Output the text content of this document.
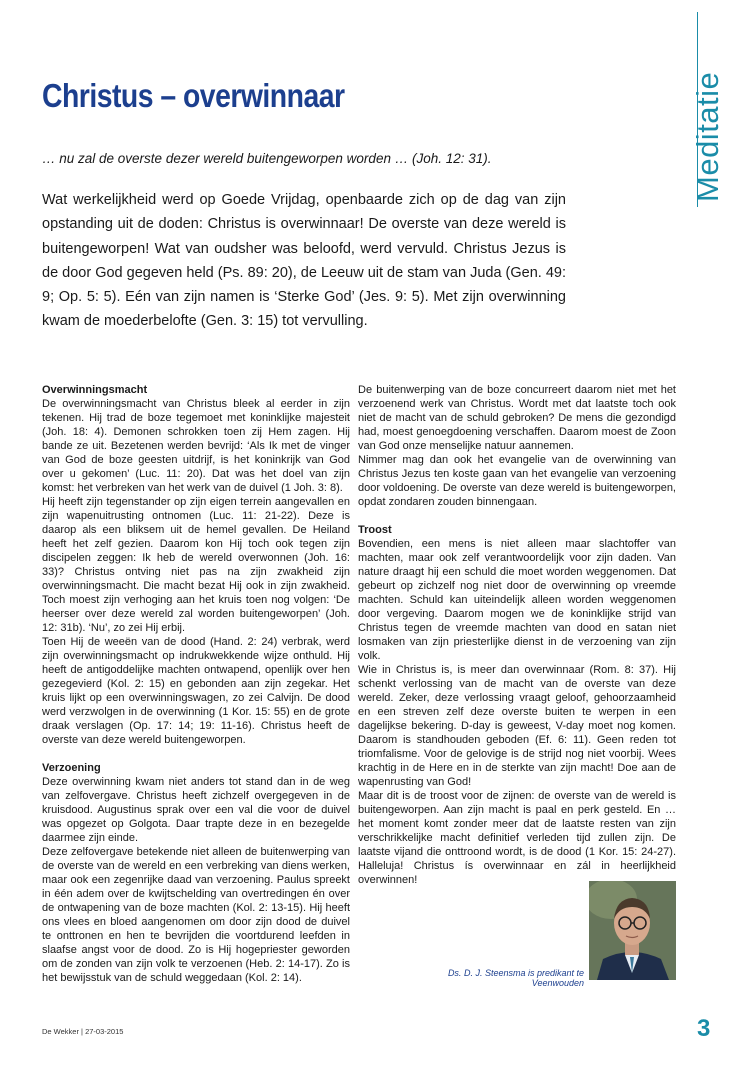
Meditatie
Christus – overwinnaar
… nu zal de overste dezer wereld buitengeworpen worden … (Joh. 12: 31).

Wat werkelijkheid werd op Goede Vrijdag, openbaarde zich op de dag van zijn opstanding uit de doden: Christus is overwinnaar! De overste van deze wereld is buitengeworpen! Wat van oudsher was beloofd, werd vervuld. Christus Jezus is de door God gegeven held (Ps. 89: 20), de Leeuw uit de stam van Juda (Gen. 49: 9; Op. 5: 5). Eén van zijn namen is ‘Sterke God’ (Jes. 9: 5). Met zijn overwinning kwam de moederbelofte (Gen. 3: 15) tot vervulling.

Overwinningsmacht

De overwinningsmacht van Christus bleek al eerder in zijn tekenen. Hij trad de boze tegemoet met koninklijke majesteit (Joh. 18: 4). Demonen schrokken toen zij Hem zagen. Hij bande ze uit. Bezetenen werden bevrijd: ‘Als Ik met de vinger van God de boze geesten uitdrijf, is het koninkrijk van God over u gekomen’ (Luc. 11: 20). Dat was het doel van zijn komst: het verbreken van het werk van de duivel (1 Joh. 3: 8).

Hij heeft zijn tegenstander op zijn eigen terrein aangevallen en zijn wapenuitrusting ontnomen (Luc. 11: 21-22). Deze is daarop als een bliksem uit de hemel gevallen. De Heiland heeft het zelf gezien. Daarom kon Hij toch ook tegen zijn discipelen zeggen: Ik heb de wereld overwonnen (Joh. 16: 33)? Christus ontving niet pas na zijn zwakheid zijn overwinningsmacht. Die macht bezat Hij ook in zijn zwakheid. Toch moest zijn verhoging aan het kruis toen nog volgen: ‘De heerser over deze wereld zal worden buitengeworpen’ (Joh. 12: 31b). ‘Nu’, zo zei Hij erbij.

Toen Hij de weeën van de dood (Hand. 2: 24) verbrak, werd zijn overwinningsmacht op indrukwekkende wijze onthuld. Hij heeft de antigoddelijke machten ontwapend, openlijk over hen gezegevierd (Kol. 2: 15) en gebonden aan zijn zegekar. Het kruis lijkt op een overwinningswagen, zo zei Calvijn. De dood werd verzwolgen in de overwinning (1 Kor. 15: 55) en de grote draak verslagen (Op. 17: 14; 19: 11-16). Christus heeft de overste van deze wereld buitengeworpen.

Verzoening

Deze overwinning kwam niet anders tot stand dan in de weg van zelfovergave. Christus heeft zichzelf overgegeven in de kruisdood. Augustinus sprak over een val die voor de duivel was opgezet op Golgota. Daar trapte deze in en bezegelde daarmee zijn einde.

Deze zelfovergave betekende niet alleen de buitenwerping van de overste van de wereld en een verbreking van diens werken, maar ook een zegenrijke daad van verzoening. Paulus spreekt in één adem over de kwijtschelding van overtredingen én over de ontwapening van de boze machten (Kol. 2: 13-15). Hij heeft ons vlees en bloed aangenomen om door zijn dood de duivel te onttronen en hen te bevrijden die voortdurend leefden in slaafse angst voor de dood. Zo is Hij hogepriester geworden om de zonden van zijn volk te verzoenen (Heb. 2: 14-17). Zo is het bewijsstuk van de schuld weggedaan (Kol. 2: 14).

De buitenwerping van de boze concurreert daarom niet met het verzoenend werk van Christus. Wordt met dat laatste toch ook niet de macht van de schuld gebroken? De mens die gezondigd had, moest genoegdoening verschaffen. Daarom moest de Zoon van God onze menselijke natuur aannemen.

Nimmer mag dan ook het evangelie van de overwinning van Christus Jezus ten koste gaan van het evangelie van verzoening door voldoening. De overste van deze wereld is buitengeworpen, opdat zondaren zouden binnengaan.

Troost

Bovendien, een mens is niet alleen maar slachtoffer van machten, maar ook zelf verantwoordelijk voor zijn daden. Van nature draagt hij een schuld die moet worden weggenomen. Dat gebeurt op zichzelf nog niet door de overwinning op vreemde machten. Schuld kan uiteindelijk alleen worden weggenomen door vergeving. Daarom mogen we de koninklijke strijd van Christus tegen de vreemde machten van dood en satan niet losmaken van zijn priesterlijke dienst in de verzoening van zijn volk.

Wie in Christus is, is meer dan overwinnaar (Rom. 8: 37). Hij schenkt verlossing van de macht van de overste van deze wereld. Zeker, deze verlossing vraagt geloof, gehoorzaamheid en een streven zelf deze overste buiten te werpen in een dagelijkse bekering. D-day is geweest, V-day moet nog komen. Daarom is standhouden geboden (Ef. 6: 11). Geen reden tot triomfalisme. Voor de gelovige is de strijd nog niet voorbij. Wees krachtig in de Here en in de sterkte van zijn macht! Doe aan de wapenrusting van God!

Maar dit is de troost voor de zijnen: de overste van de wereld is buitengeworpen. Aan zijn macht is paal en perk gesteld. En … het moment komt zonder meer dat de laatste resten van zijn verschrikkelijke macht definitief verleden tijd zullen zijn. De laatste vijand die onttroond wordt, is de dood (1 Kor. 15: 24-27). Halleluja! Christus ís overwinnaar en zál in heerlijkheid overwinnen!

Ds. D. J. Steensma is predikant te Veenwouden
De Wekker | 27-03-2015	3
